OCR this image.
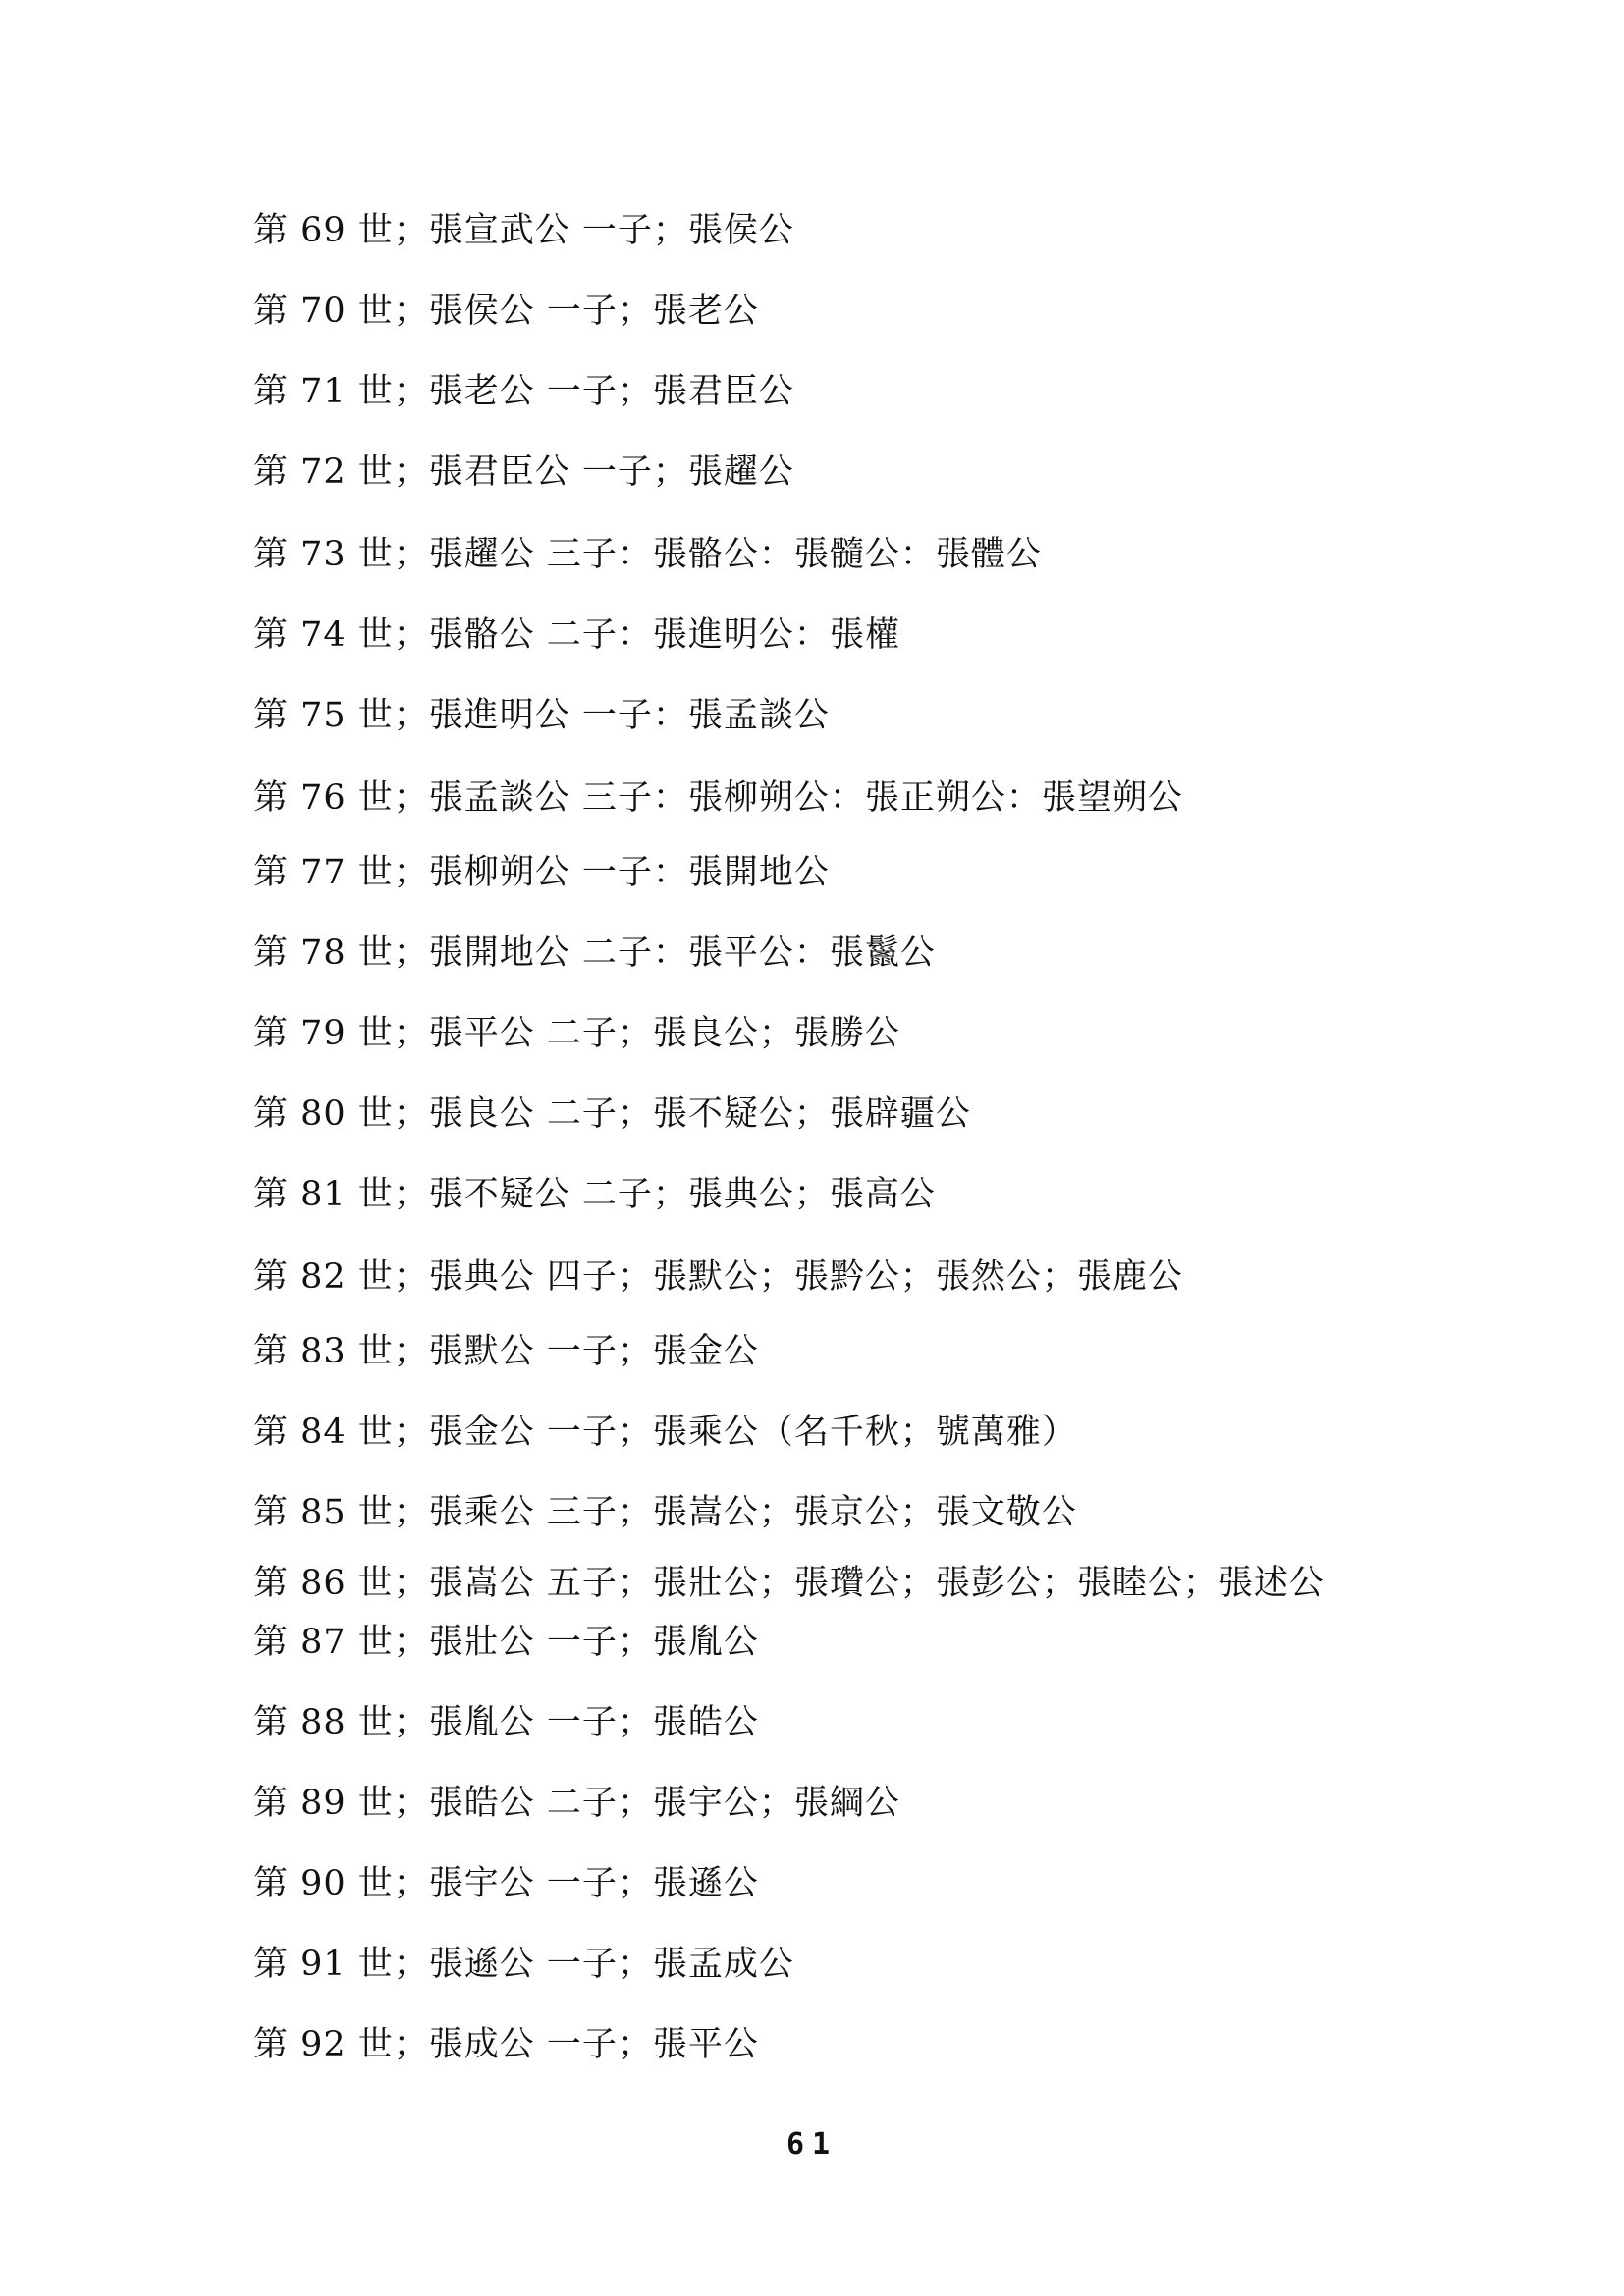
第 69 世；張宣武公 一子；張侯公
第 70 世；張侯公 一子；張老公
第 71 世；張老公 一子；張君臣公
第 72 世；張君臣公 一子；張趯公
第 73 世；張趯公 三子：張骼公：張髓公：張體公
第 74 世；張骼公 二子：張進明公：張權
第 75 世；張進明公 一子：張孟談公
第 76 世；張孟談公 三子：張柳朔公：張正朔公：張望朔公
第 77 世；張柳朔公 一子：張開地公
第 78 世；張開地公 二子：張平公：張鬣公
第 79 世；張平公 二子；張良公；張勝公
第 80 世；張良公 二子；張不疑公；張辟疆公
第 81 世；張不疑公 二子；張典公；張高公
第 82 世；張典公 四子；張默公；張黔公；張然公；張鹿公
第 83 世；張默公 一子；張金公
第 84 世；張金公 一子；張乘公（名千秋；號萬雅）
第 85 世；張乘公 三子；張嵩公；張京公；張文敬公
第 86 世；張嵩公 五子；張壯公；張瓚公；張彭公；張睦公；張述公
第 87 世；張壯公 一子；張胤公
第 88 世；張胤公 一子；張皓公
第 89 世；張皓公 二子；張宇公；張綱公
第 90 世；張宇公 一子；張遜公
第 91 世；張遜公 一子；張孟成公
第 92 世；張成公 一子；張平公
61
